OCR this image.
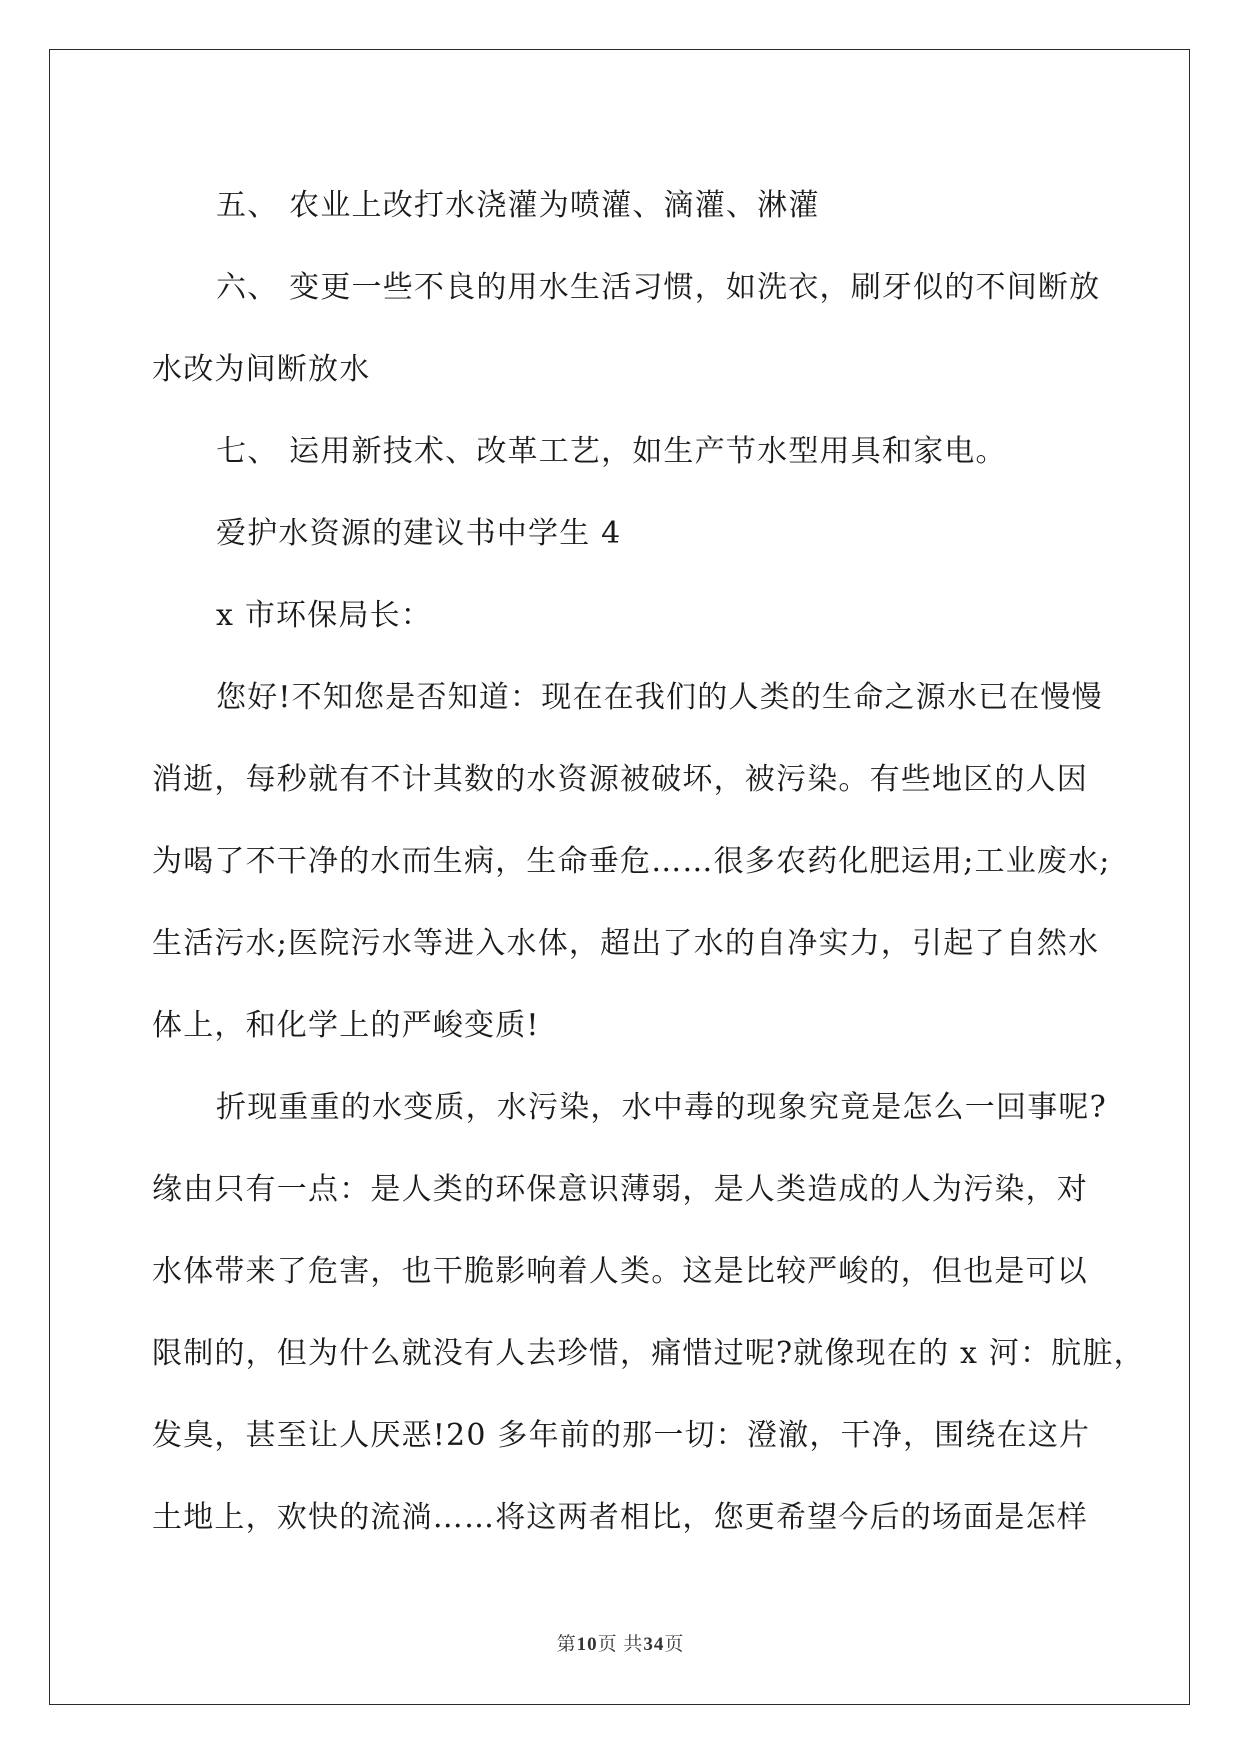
五、 农业上改打水浇灌为喷灌、滴灌、淋灌
六、 变更一些不良的用水生活习惯，如洗衣，刷牙似的不间断放
水改为间断放水
七、 运用新技术、改革工艺，如生产节水型用具和家电。
爱护水资源的建议书中学生 4
x 市环保局长：
您好!不知您是否知道：现在在我们的人类的生命之源水已在慢慢
消逝，每秒就有不计其数的水资源被破坏，被污染。有些地区的人因
为喝了不干净的水而生病，生命垂危……很多农药化肥运用;工业废水;
生活污水;医院污水等进入水体，超出了水的自净实力，引起了自然水
体上，和化学上的严峻变质!
折现重重的水变质，水污染，水中毒的现象究竟是怎么一回事呢?
缘由只有一点：是人类的环保意识薄弱，是人类造成的人为污染，对
水体带来了危害，也干脆影响着人类。这是比较严峻的，但也是可以
限制的，但为什么就没有人去珍惜，痛惜过呢?就像现在的 x 河：肮脏，
发臭，甚至让人厌恶!20 多年前的那一切：澄澈，干净，围绕在这片
土地上，欢快的流淌……将这两者相比，您更希望今后的场面是怎样
第10页 共34页
